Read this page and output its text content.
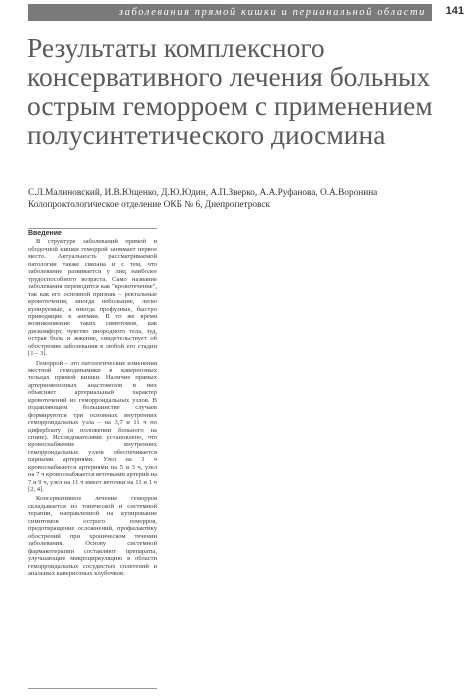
заболевания прямой кишки и перианальной области 141
Результаты комплексного консервативного лечения больных острым геморроем с применением полусинтетического диосмина
С.Л.Малиновский, И.В.Ющенко, Д.Ю.Юдин, А.П.Зверко, А.А.Руфанова, О.А.Воронина
Колопроктологическое отделение ОКБ № 6, Днепропетровск
Введение

В структуре заболеваний прямой и ободочной кишки геморрой занимает первое место. Актуальность рассматриваемой патологии также связана и с тем, что заболевание развивается у лиц наиболее трудоспособного возраста. Само название заболевания переводится как "кровотечение", так как его основной признак – ректальные кровотечения, иногда небольшие, легко купируемые, а иногда профузные, быстро приводящие к анемии. В то же время возникновение таких симптомов, как дискомфорт, чувство инородного тела, зуд, острая боль и жжение, свидетельствует об обострении заболевания в любой его стадии [1 – 3].

Геморрой – это патологические изменения местной гемодинамики в кавернозных тельцах прямой кишки. Наличие прямых артериовенозных анастомозов в них объясняет артериальный характер кровотечений из геморроидальных узлов. В подавляющем большинстве случаев формируются три основных внутренних геморроидальных узла – на 3,7 и 11 ч по циферблату (в положении больного на спине). Исследователями установлено, что кровоснабжение внутренних геморроидальных узлов обеспечивается парными артериями. Узел на 3 ч кровоснабжается артериями на 5 и 3 ч, узел на 7 ч кровоснабжается веточками артерий на 7 и 9 ч, узел на 11 ч имеет веточки на 11 и 1 ч [2, 4].

Консервативное лечение геморроя складывается из тонической и системной терапии, направленной на купирование симптомов острого геморроя, предотвращение осложнений, профилактику обострений при хроническом течении заболевания. Основу системной фармакотерапии составляют препараты, улучшающие микроциркуляцию в области геморроидальных сосудистых сплетений и анальных кавернозных клубочков.
